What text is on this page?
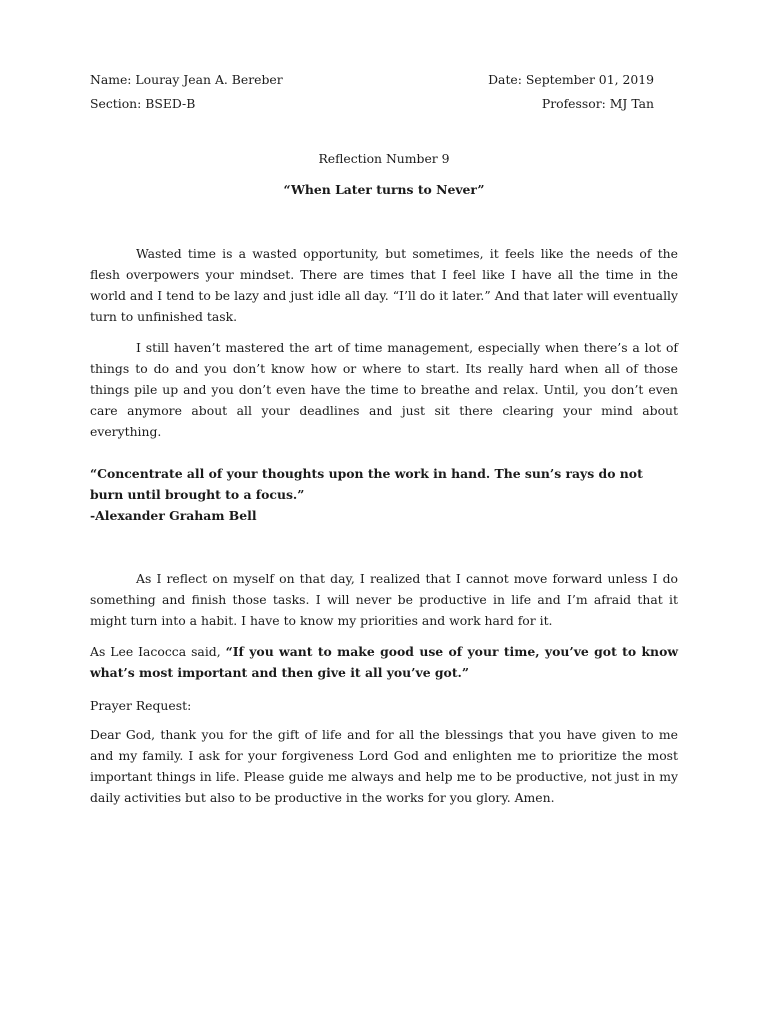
Name: Louray Jean A. Bereber	Date: September 01, 2019
Section: BSED-B	Professor: MJ Tan
Reflection Number 9
“When Later turns to Never”

Wasted time is a wasted opportunity, but sometimes, it feels like the needs of the flesh overpowers your mindset. There are times that I feel like I have all the time in the world and I tend to be lazy and just idle all day. “I’ll do it later.” And that later will eventually turn to unfinished task.

I still haven’t mastered the art of time management, especially when there’s a lot of things to do and you don’t know how or where to start. Its really hard when all of those things pile up and you don’t even have the time to breathe and relax. Until, you don’t even care anymore about all your deadlines and just sit there clearing your mind about everything.

“Concentrate all of your thoughts upon the work in hand. The sun’s rays do not burn until brought to a focus.”

-Alexander Graham Bell

As I reflect on myself on that day, I realized that I cannot move forward unless I do something and finish those tasks. I will never be productive in life and I’m afraid that it might turn into a habit. I have to know my priorities and work hard for it.

As Lee Iacocca said, “If you want to make good use of your time, you’ve got to know what’s most important and then give it all you’ve got.”

Prayer Request:

Dear God, thank you for the gift of life and for all the blessings that you have given to me and my family. I ask for your forgiveness Lord God and enlighten me to prioritize the most important things in life. Please guide me always and help me to be productive, not just in my daily activities but also to be productive in the works for you glory. Amen.
